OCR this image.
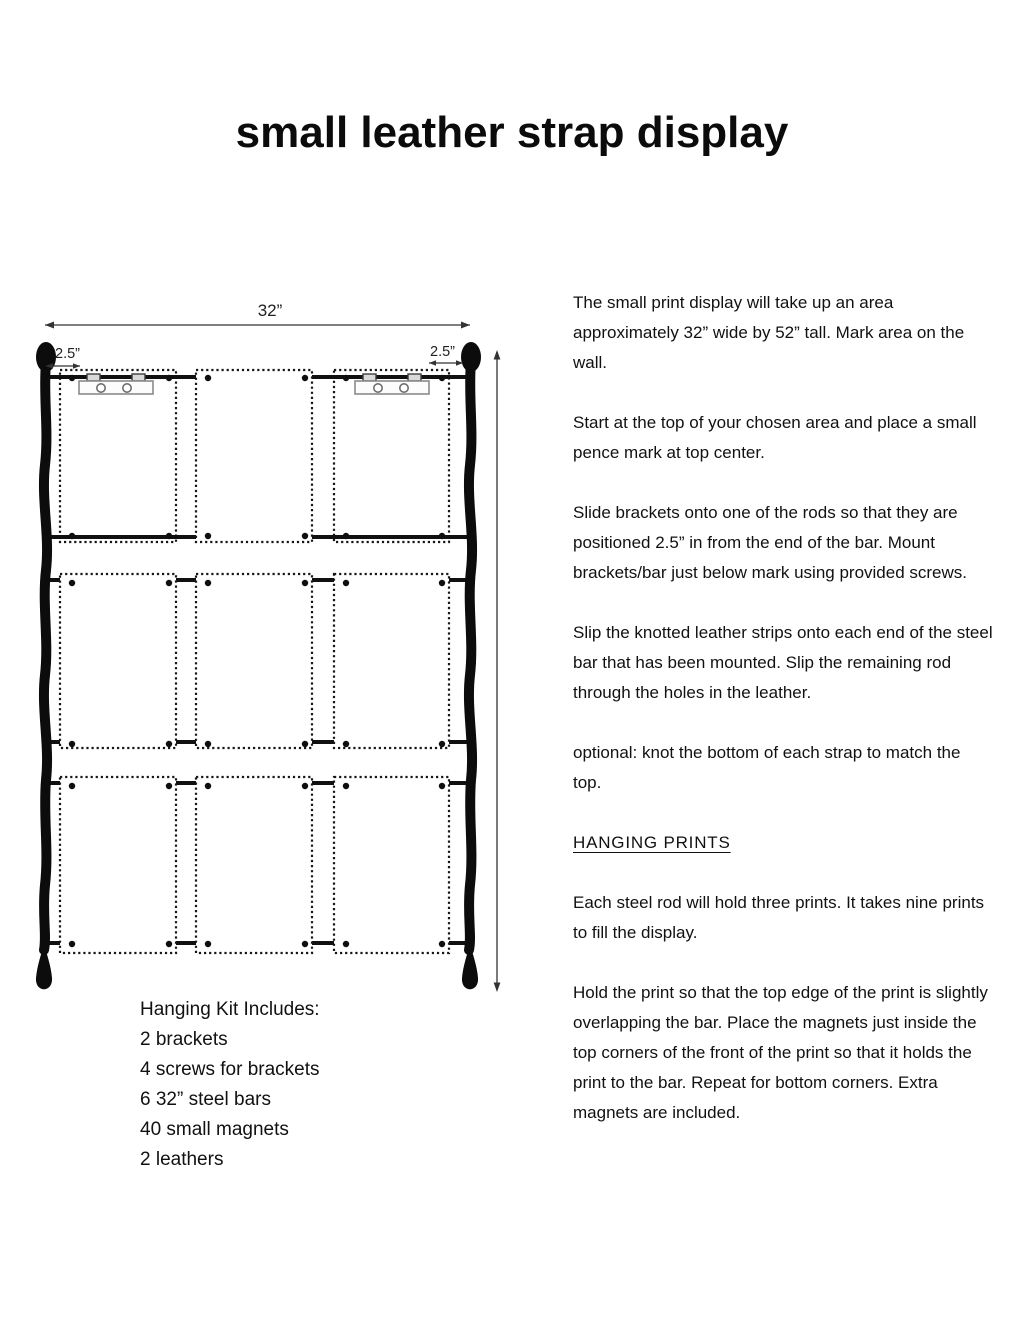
small leather strap display
32”
2.5”	2.5”
Hanging Kit Includes:
2 brackets
4 screws for brackets
6 32” steel bars
40 small magnets
2 leathers

The small print display will take up an area approximately 32” wide by 52” tall. Mark area on the wall.

Start at the top of your chosen area and place a small pence mark at top center.

Slide brackets onto one of the rods so that they are positioned 2.5” in from the end of the bar. Mount brackets/bar just below mark using provided screws.

Slip the knotted leather strips onto each end of the steel bar that has been mounted. Slip the remaining rod through the holes in the leather.

optional: knot the bottom of each strap to match the top.

HANGING PRINTS

Each steel rod will hold three prints. It takes nine prints to fill the display.

Hold the print so that the top edge of the print is slightly overlapping the bar. Place the magnets just inside the top corners of the front of the print so that it holds the print to the bar. Repeat for bottom corners. Extra magnets are included.
